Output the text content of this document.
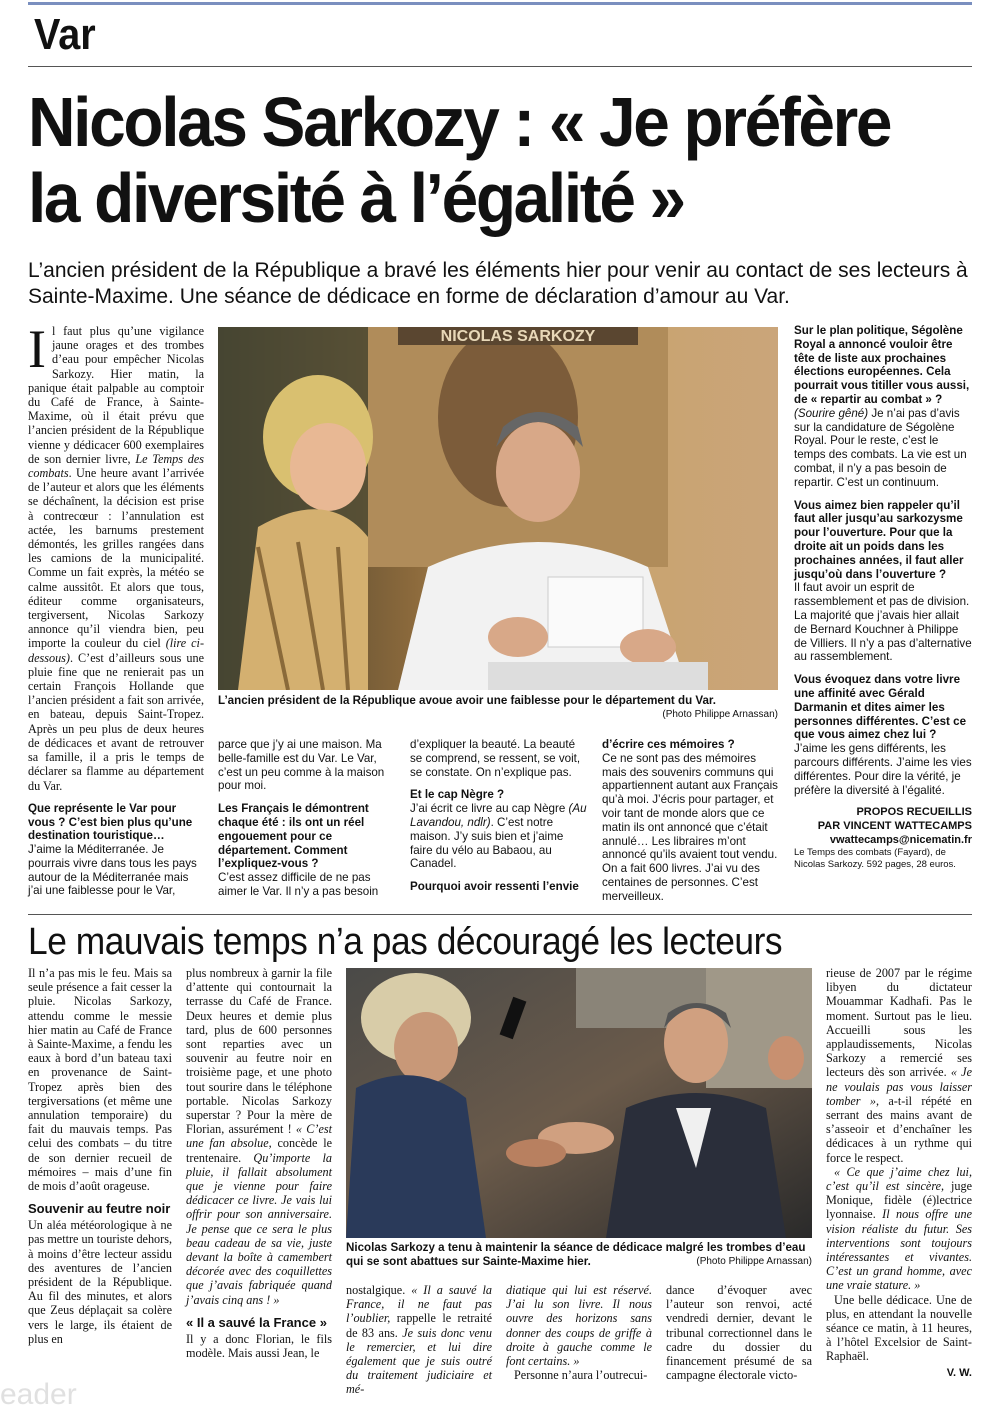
Var
Nicolas Sarkozy : « Je préfère
la diversité à l’égalité »
L’ancien président de la République a bravé les éléments hier pour venir au contact de ses lecteurs à Sainte-Maxime. Une séance de dédicace en forme de déclaration d’amour au Var.

Il faut plus qu’une vigilance jaune orages et des trombes d’eau pour empêcher Nicolas Sarkozy. Hier matin, la panique était palpable au comptoir du Café de France, à Sainte-Maxime, où il était prévu que l’ancien président de la République vienne y dédicacer 600 exemplaires de son dernier livre, Le Temps des combats. Une heure avant l’arrivée de l’auteur et alors que les éléments se déchaînent, la décision est prise à contrecœur : l’annulation est actée, les barnums prestement démontés, les grilles rangées dans les camions de la municipalité. Comme un fait exprès, la météo se calme aussitôt. Et alors que tous, éditeur comme organisateurs, tergiversent, Nicolas Sarkozy annonce qu’il viendra bien, peu importe la couleur du ciel (lire ci-dessous). C’est d’ailleurs sous une pluie fine que ne renierait pas un certain François Hollande que l’ancien président a fait son arrivée, en bateau, depuis Saint-Tropez. Après un peu plus de deux heures de dédicaces et avant de retrouver sa famille, il a pris le temps de déclarer sa flamme au département du Var.

Que représente le Var pour vous ? C’est bien plus qu’une destination touristique…

J’aime la Méditerranée. Je pourrais vivre dans tous les pays autour de la Méditerranée mais j’ai une faiblesse pour le Var,

NICOLAS SARKOZY
L’ancien président de la République avoue avoir une faiblesse pour le département du Var.
(Photo Philippe Arnassan)

parce que j’y ai une maison. Ma belle-famille est du Var. Le Var, c’est un peu comme à la maison pour moi.

Les Français le démontrent chaque été : ils ont un réel engouement pour ce département. Comment l’expliquez-vous ?

C’est assez difficile de ne pas aimer le Var. Il n’y a pas besoin

d’expliquer la beauté. La beauté se comprend, se ressent, se voit, se constate. On n’explique pas.

Et le cap Nègre ?

J’ai écrit ce livre au cap Nègre (Au Lavandou, ndlr). C’est notre maison. J’y suis bien et j’aime faire du vélo au Babaou, au Canadel.

Pourquoi avoir ressenti l’envie

d’écrire ces mémoires ?

Ce ne sont pas des mémoires mais des souvenirs communs qui appartiennent autant aux Français qu’à moi. J’écris pour partager, et voir tant de monde alors que ce matin ils ont annoncé que c’était annulé… Les libraires m’ont annoncé qu’ils avaient tout vendu. On a fait 600 livres. J’ai vu des centaines de personnes. C’est merveilleux.

Sur le plan politique, Ségolène Royal a annoncé vouloir être tête de liste aux prochaines élections européennes. Cela pourrait vous titiller vous aussi, de « repartir au combat » ?

(Sourire gêné) Je n’ai pas d’avis sur la candidature de Ségolène Royal. Pour le reste, c’est le temps des combats. La vie est un combat, il n’y a pas besoin de repartir. C’est un continuum.

Vous aimez bien rappeler qu’il faut aller jusqu’au sarkozysme pour l’ouverture. Pour que la droite ait un poids dans les prochaines années, il faut aller jusqu’où dans l’ouverture ?

Il faut avoir un esprit de rassemblement et pas de division. La majorité que j’avais hier allait de Bernard Kouchner à Philippe de Villiers. Il n’y a pas d’alternative au rassemblement.

Vous évoquez dans votre livre une affinité avec Gérald Darmanin et dites aimer les personnes différentes. C’est ce que vous aimez chez lui ?

J’aime les gens différents, les parcours différents. J’aime les vies différentes. Pour dire la vérité, je préfère la diversité à l’égalité.

PROPOS RECUEILLIS
PAR VINCENT WATTECAMPS

vwattecamps@nicematin.fr

Le Temps des combats (Fayard), de Nicolas Sarkozy. 592 pages, 28 euros.

Le mauvais temps n’a pas découragé les lecteurs

Il n’a pas mis le feu. Mais sa seule présence a fait cesser la pluie. Nicolas Sarkozy, attendu comme le messie hier matin au Café de France à Sainte-Maxime, a fendu les eaux à bord d’un bateau taxi en provenance de Saint-Tropez après bien des tergiversations (et même une annulation temporaire) du fait du mauvais temps. Pas celui des combats – du titre de son dernier recueil de mémoires – mais d’une fin de mois d’août orageuse.

Souvenir au feutre noir

Un aléa météorologique à ne pas mettre un touriste dehors, à moins d’être lecteur assidu des aventures de l’ancien président de la République. Au fil des minutes, et alors que Zeus déplaçait sa colère vers le large, ils étaient de plus en

plus nombreux à garnir la file d’attente qui contournait la terrasse du Café de France. Deux heures et demie plus tard, plus de 600 personnes sont reparties avec un souvenir au feutre noir en troisième page, et une photo tout sourire dans le téléphone portable. Nicolas Sarkozy superstar ? Pour la mère de Florian, assurément ! « C’est une fan absolue, concède le trentenaire. Qu’importe la pluie, il fallait absolument que je vienne pour faire dédicacer ce livre. Je vais lui offrir pour son anniversaire. Je pense que ce sera le plus beau cadeau de sa vie, juste devant la boîte à camembert décorée avec des coquillettes que j’avais fabriquée quand j’avais cinq ans ! »

« Il a sauvé la France »

Il y a donc Florian, le fils modèle. Mais aussi Jean, le

Nicolas Sarkozy a tenu à maintenir la séance de dédicace malgré les trombes d’eau qui se sont abattues sur Sainte-Maxime hier.	(Photo Philippe Arnassan)

nostalgique. « Il a sauvé la France, il ne faut pas l’oublier, rappelle le retraité de 83 ans. Je suis donc venu le remercier, et lui dire également que je suis outré du traitement judiciaire et mé-

diatique qui lui est réservé. J’ai lu son livre. Il nous ouvre des horizons sans donner des coups de griffe à droite à gauche comme le font certains. »

Personne n’aura l’outrecui-

dance d’évoquer avec l’auteur son renvoi, acté vendredi dernier, devant le tribunal correctionnel dans le cadre du dossier du financement présumé de sa campagne électorale victo-

rieuse de 2007 par le régime libyen du dictateur Mouammar Kadhafi. Pas le moment. Surtout pas le lieu. Accueilli sous les applaudissements, Nicolas Sarkozy a remercié ses lecteurs dès son arrivée. « Je ne voulais pas vous laisser tomber », a-t-il répété en serrant des mains avant de s’asseoir et d’enchaîner les dédicaces à un rythme qui force le respect.

« Ce que j’aime chez lui, c’est qu’il est sincère, juge Monique, fidèle (é)lectrice lyonnaise. Il nous offre une vision réaliste du futur. Ses interventions sont toujours intéressantes et vivantes. C’est un grand homme, avec une vraie stature. »

Une belle dédicace. Une de plus, en attendant la nouvelle séance ce matin, à 11 heures, à l’hôtel Excelsior de Saint-Raphaël.

V. W.

eader
